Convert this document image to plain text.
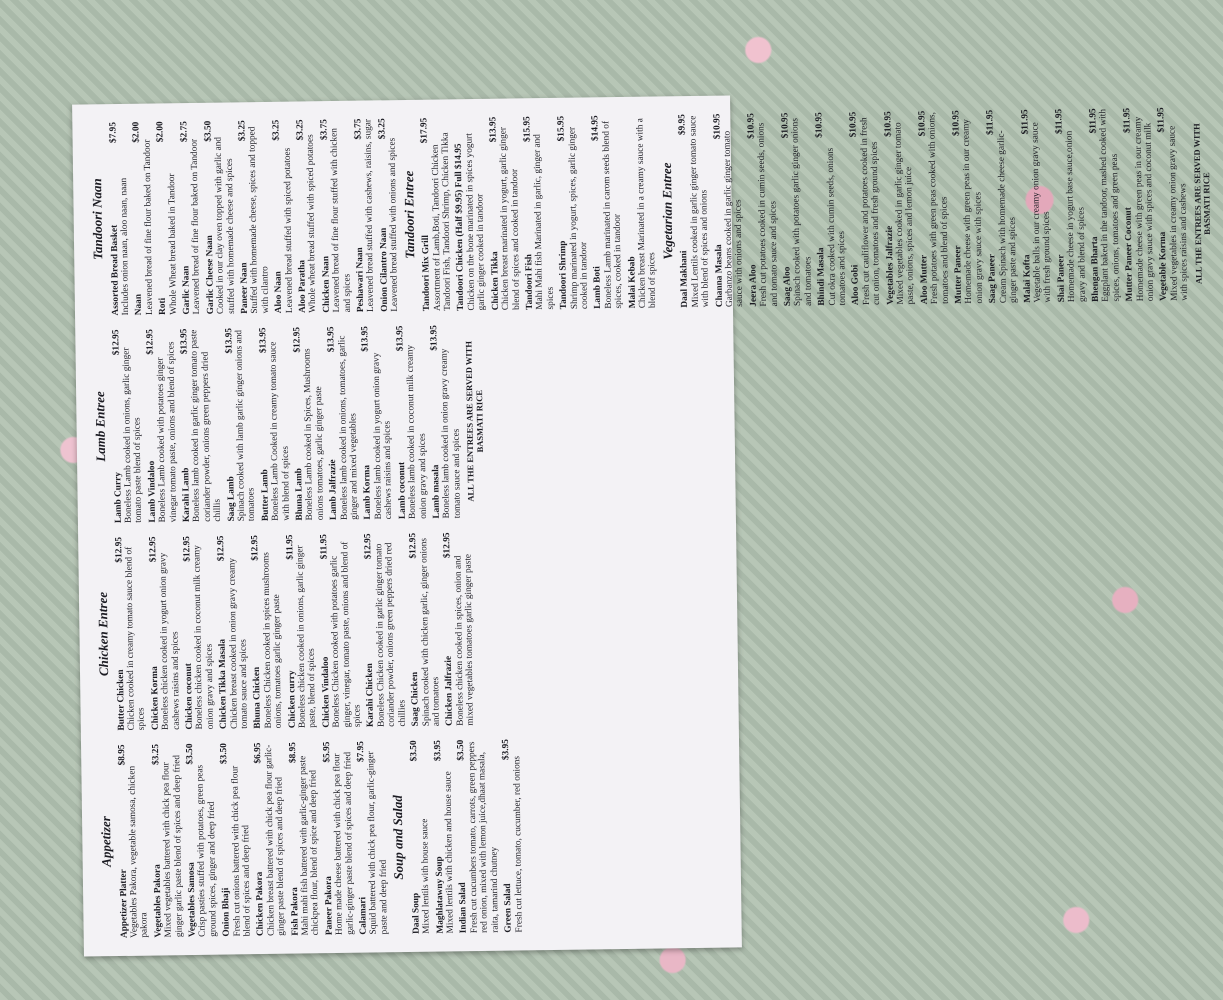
Appetizer
Appetizer Platter
$8.95
Vegetables Pakora, vegetable samosa, chicken pakora Vegetables Pakora
$3.25
Mixed vegetables battered with chick pea flour ginger garlic paste blend of spices and deep fried Vegetables Samosa
$3.50
Crisp pasties stuffed with potatoes, green peas ground spices, ginger and deep fried Onion Bhaji
$3.50
Fresh cut onions battered with chick pea flour blend of spices and deep fried Chicken Pakora
$6.95 Chicken breast battered with chick pea flour garlic-ginger paste blend of spices and deep fried Fish Pakora
$8.95
Mahi mahi fish battered with garlic-ginger paste chickpea flour, blend of spice and deep fried Paneer Pakora
$5.95
Home made cheese battered with chick pea flour garlic-ginger paste blend of spices and deep fried Calamari
$7.95 Squid battered with chick pea flour, garlic-ginger paste and deep fried
Soup and Salad
Daal Soup
$3.50
Mixed lentils with house sauce Maghlatawny Soup
$3.95
Mixed lentils with chicken and house sauce Indian Salad
$3.50 Fresh cut cucumbers tomato, carrots, green peppers red onion, mixed with lemon juice,dhaat masala, raita, tamarind chutney Green Salad
$3.95
Fresh cut lettuce, tomato, cucumber, red onions
Chicken Entree
Butter Chicken
$12.95 Chicken cooked in creamy tomato sauce blend of spices Chicken Korma
$12.95
Boneless chicken cooked in yogurt onion gravy cashews raisins and spices Chicken coconut
$12.95 Boneless chicken cooked in coconut milk creamy onion gravy and spices Chicken Tikka Masala
$12.95
Chicken breast cooked in onion gravy creamy tomato sauce and spices Bhuna Chicken
$12.95
Boneless Chicken cooked in spices mushrooms onions, tomatoes garlic ginger paste Chicken curry
$11.95 Boneless chicken cooked in onions, garlic ginger paste, blend of spices Chicken Vindaloo
$11.95
Boneless Chicken cooked with potatoes garlic ginger, vinegar, tomato paste, onions and blend of spices Karahi Chicken
$12.95 Boneless Chicken cooked in garlic ginger tomato coriander powder, onions green peppers dried red chillies Saag Chicken
$12.95 Spinach cooked with chicken garlic, ginger onions and tomatoes Chicken Jalfrazie
$12.95
Boneless chicken cooked in spices, onion and mixed vegetables tomatoes garlic ginger paste
Lamb Entree
Lamb Curry
$12.95
Boneless Lamb cooked in onions, garlic ginger tomato paste blend of spices Lamb Vindaloo
$12.95
Boneless Lamb cooked with potatoes ginger vinegar tomato paste, onions and blend of spices Karahi Lamb
$13.95 Boneless lamb cooked in garlic ginger tomato paste coriander powder, onions green peppers dried chillis Saag Lamb
$13.95 Spinach cooked with lamb garlic ginger onions and tomatoes Butter Lamb
$13.95
Boneless Lamb Cooked in creamy tomato sauce with blend of spices Bhuna Lamb
$12.95
Boneless Lamb cooked in Spices, Mushrooms onions tomatoes, garlic ginger paste Lamb Jalfrazie
$13.95 Boneless lamb cooked in onions, tomatoes, garlic ginger and mixed vegetables Lamb Korma
$13.95
Boneless lamb cooked in yogurt onion gravy cashews raisins and spices Lamb coconut
$13.95
Boneless lamb cooked in coconut milk creamy onion gravy and spices Lamb masala
$13.95
Boneless lamb cooked in onion gravy creamy tomato sauce and spices ALL THE ENTREES ARE SERVED WITH BASMATI RICE
Tandoori Naan
Assorted Bread Basket
$7.95
Includes onion naan, aloo naan, naan Naan
$2.00
Leavened bread of fine flour baked on Tandoor Roti
$2.00
Whole Wheat bread baked in Tandoor Garlic Naan
$2.75
Leavened bread of fine flour baked on Tandoor Garlic Cheese Naan
$3.50
Cooked in our clay oven topped with garlic and stuffed with homemade cheese and spices Paneer Naan
$3.25 Stuffed with homemade cheese, spices and topped with cilantro Aloo Naan
$3.25
Leavened bread stuffed with spiced potatoes Aloo Paratha
$3.25
Whole wheat bread stuffed with spiced potatoes Chicken Naan
$3.75 Leavened bread of fine flour stuffed with chicken and spices Peshawari Naan
$3.75 Leavened bread stuffed with cashews, raisins, sugar Onion Cilantro Naan
$3.25
Leavened bread stuffed with onions and spices Tandoori Entree
Tandoori Mix Grill
$17.95
Assortment of Lamb,Boti, Tandoori Chicken Tandoori Fish, Tandoori Shrimp, Chicken Tikka Tandoori Chicken (Half $9.95) Full $14.95
Chicken on the bone marinated in spices yogurt garlic ginger cooked in tandoor Chicken Tikka
$13.95 Chicken breast marinated in yogurt, garlic ginger blend of spices and cooked in tandoor Tandoori Fish
$15.95
Mahi Mahi fish Marinated in garlic, ginger and spices Tandoori Shrimp
$15.95 Shrimp marinated in yogurt, spices, garlic ginger cooked in tandoor Lamb Boti
$14.95 Boneless Lamb marinated in carom seeds blend of spices, cooked in tandoor Malai Kebab
Chicken breast Marinated in a creamy sauce with a blend of spices
Vegetarian Entree
Daal Makhani
$9.95 Mixed Lentils cooked in garlic ginger tomato sauce with blend of spices and onions Channa Masala
$10.95
Garbanzo beans cooked in garlic ginger tomato sauce with onions and spices Jeera Aloo
$10.95 Fresh cut potatoes cooked in cumin seeds, onions and tomato sauce and spices Saag Aloo
$10.95 Spinach cooked with potatoes garlic ginger onions and tomatoes Bhindi Masala
$10.95
Cut okra cooked with cumin seeds, onions tomatoes and spices Aloo Gobi
$10.95 Fresh cut cauliflower and potatoes cooked in fresh cut onion, tomatoes and fresh ground spices Vegetables Jalfrazie
$10.95 Mixed vegetables cooked in garlic ginger tomato paste, onions, spices and lemon juice Aloo Mutter
$10.95 Fresh potatoes with green peas cooked with onions, tomatoes and blend of spices Mutter Paneer
$10.95 Homemade cheese with green peas in our creamy onion gravy sauce with spices Saag Paneer
$11.95
Cream Spinach with homemade cheese garlic-ginger paste and spices Malai Kofta
$11.95
Vegetable balls in our creamy onion gravy sauce with fresh ground spices Shai Paneer
$11.95
Homemade cheese in yogurt base sauce,onion gravy and blend of spices Bhengan Bharta
$11.95 Eggplant baked in the tandoor, mashed cooked with spices, onions, tomatoes and green peas Mutter Paneer Coconut
$11.95 Homemade cheese with green peas in our creamy onion gravy sauce with spices and coconut milk Vegetable Korma
$11.95
Mixed vegetables in creamy onion gravy sauce with spices raisins and cashews ALL THE ENTREES ARE SERVED WITH BASMATI RICE
